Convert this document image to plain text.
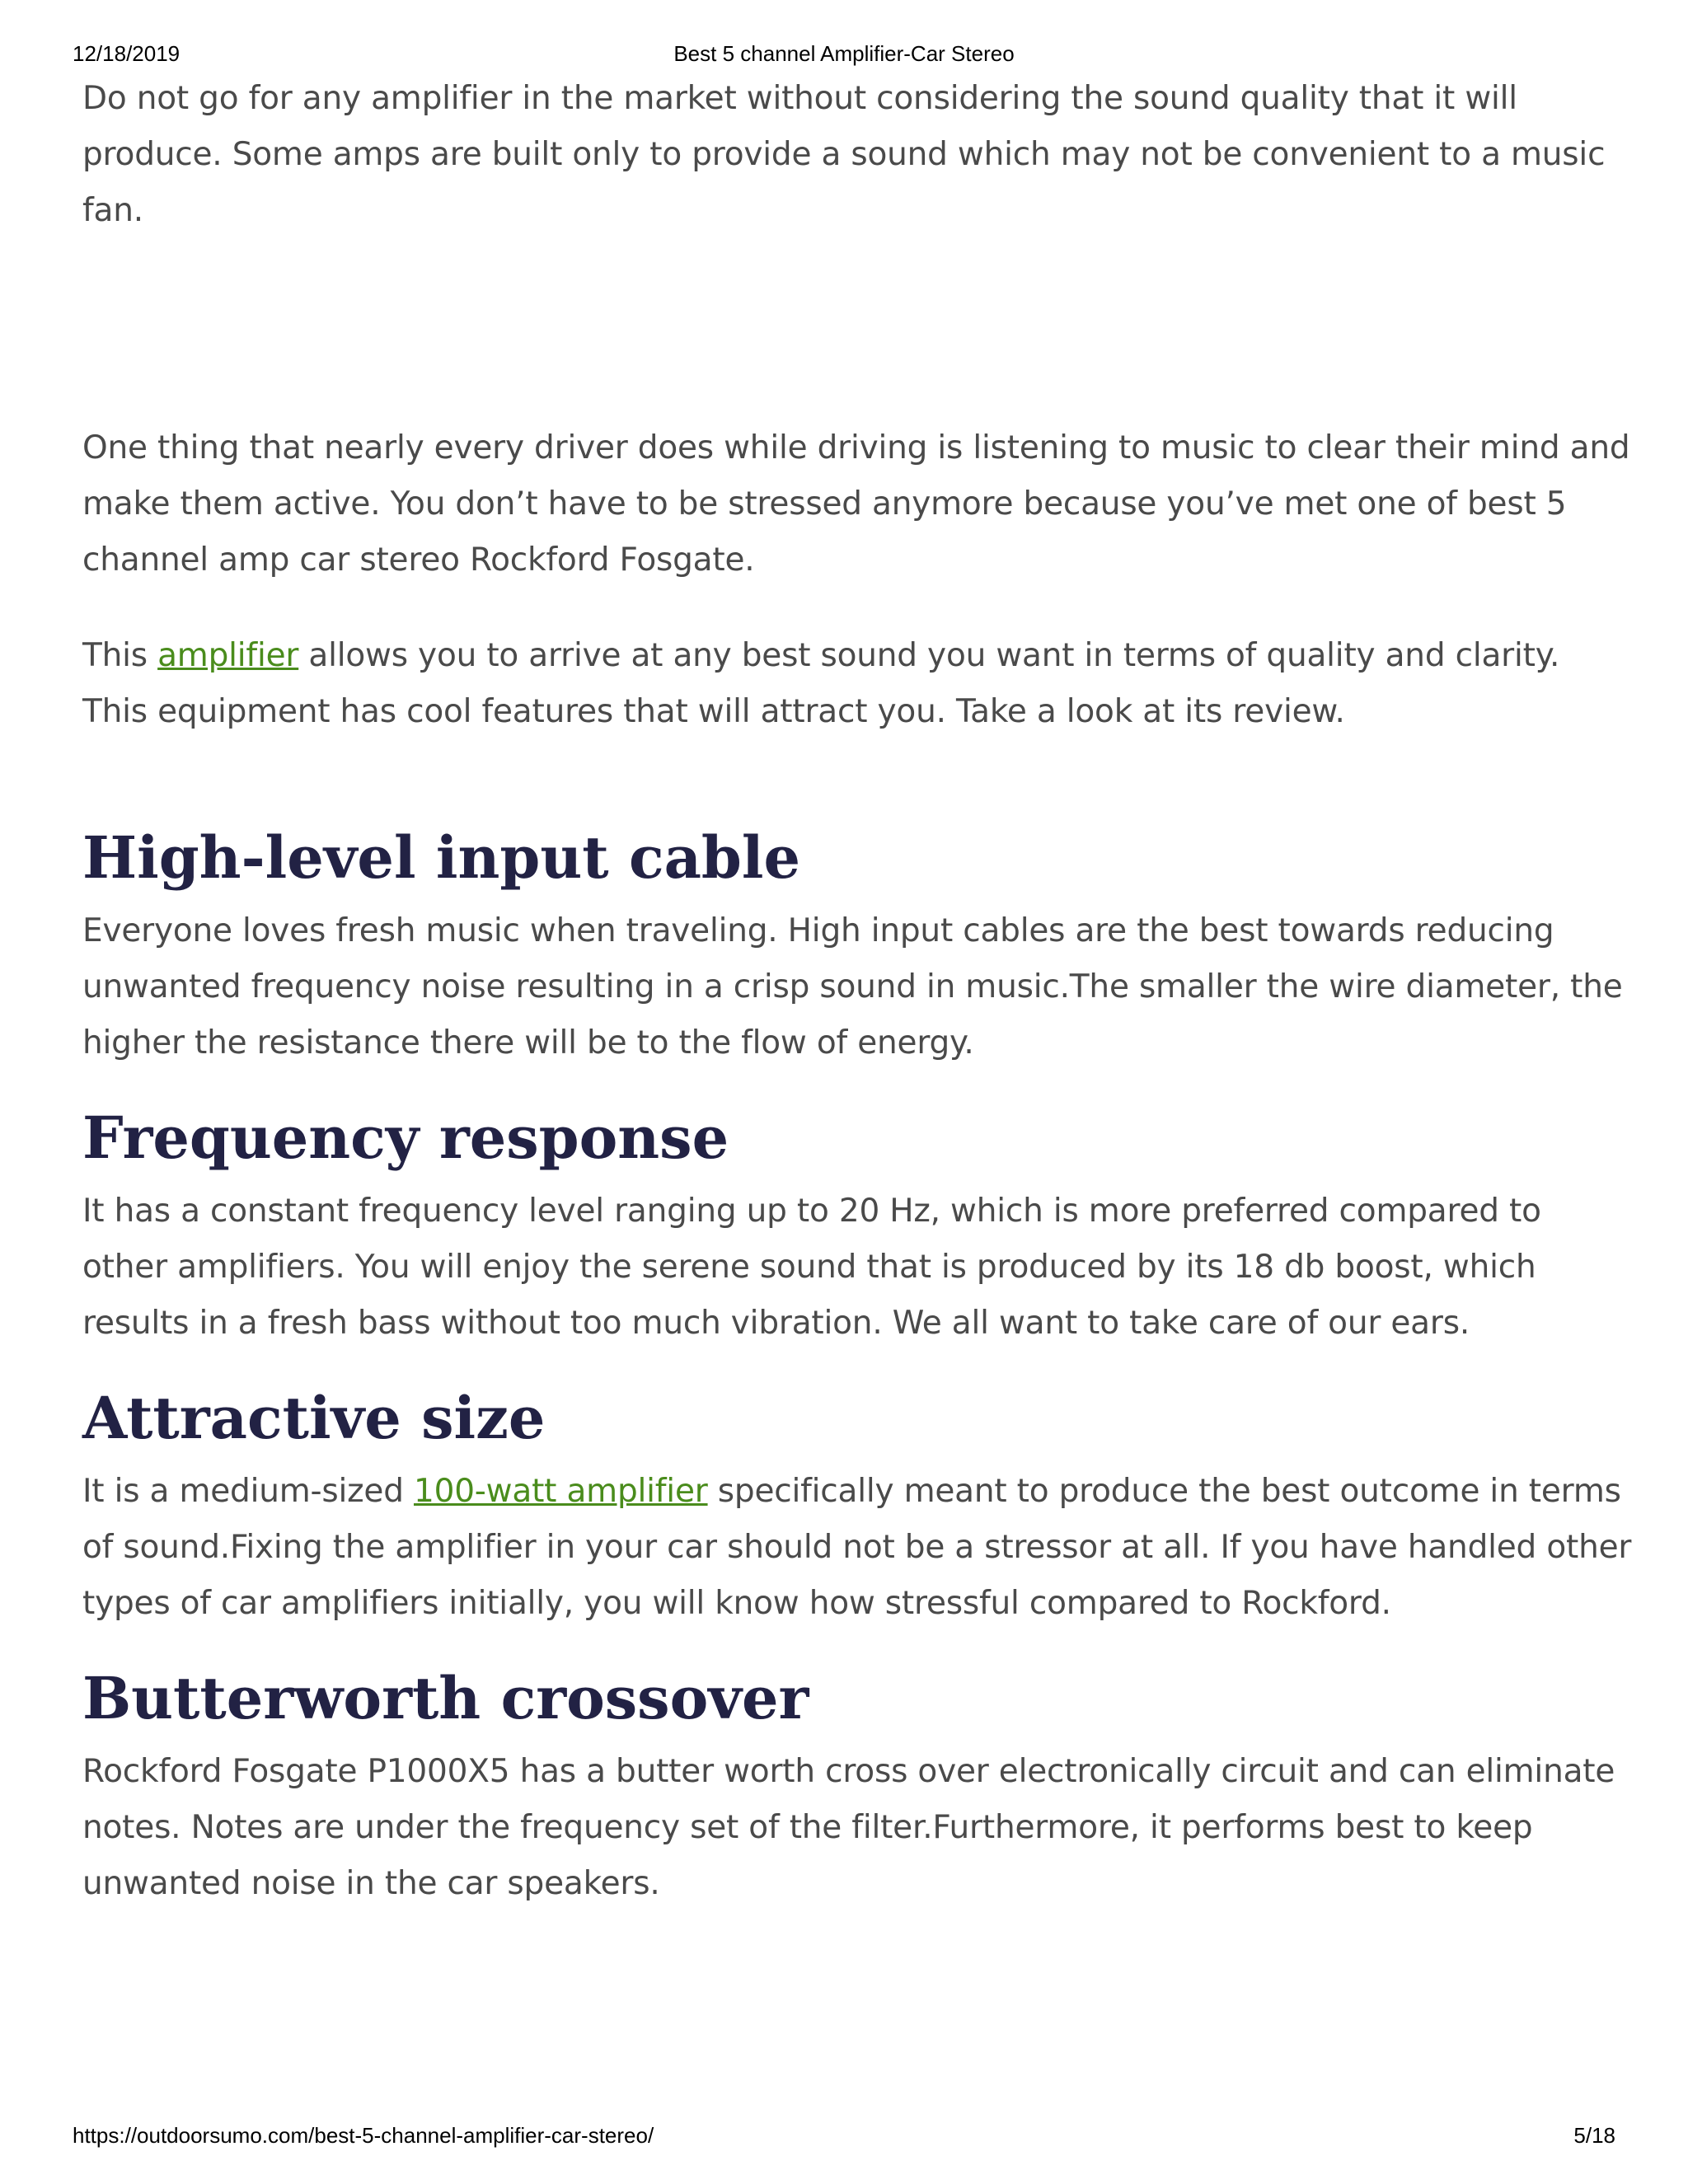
12/18/2019	Best 5 channel Amplifier-Car Stereo

Do not go for any amplifier in the market without considering the sound quality that it will produce. Some amps are built only to provide a sound which may not be convenient to a music fan.

One thing that nearly every driver does while driving is listening to music to clear their mind and make them active. You don’t have to be stressed anymore because you’ve met one of best 5 channel amp car stereo Rockford Fosgate.

This amplifier allows you to arrive at any best sound you want in terms of quality and clarity. This equipment has cool features that will attract you. Take a look at its review.

High-level input cable

Everyone loves fresh music when traveling. High input cables are the best towards reducing unwanted frequency noise resulting in a crisp sound in music.The smaller the wire diameter, the higher the resistance there will be to the flow of energy.

Frequency response

It has a constant frequency level ranging up to 20 Hz, which is more preferred compared to other amplifiers. You will enjoy the serene sound that is produced by its 18 db boost, which results in a fresh bass without too much vibration. We all want to take care of our ears.

Attractive size

It is a medium-sized 100-watt amplifier specifically meant to produce the best outcome in terms of sound.Fixing the amplifier in your car should not be a stressor at all. If you have handled other types of car amplifiers initially, you will know how stressful compared to Rockford.

Butterworth crossover

Rockford Fosgate P1000X5 has a butter worth cross over electronically circuit and can eliminate notes. Notes are under the frequency set of the filter.Furthermore, it performs best to keep unwanted noise in the car speakers.

https://outdoorsumo.com/best-5-channel-amplifier-car-stereo/	5/18
